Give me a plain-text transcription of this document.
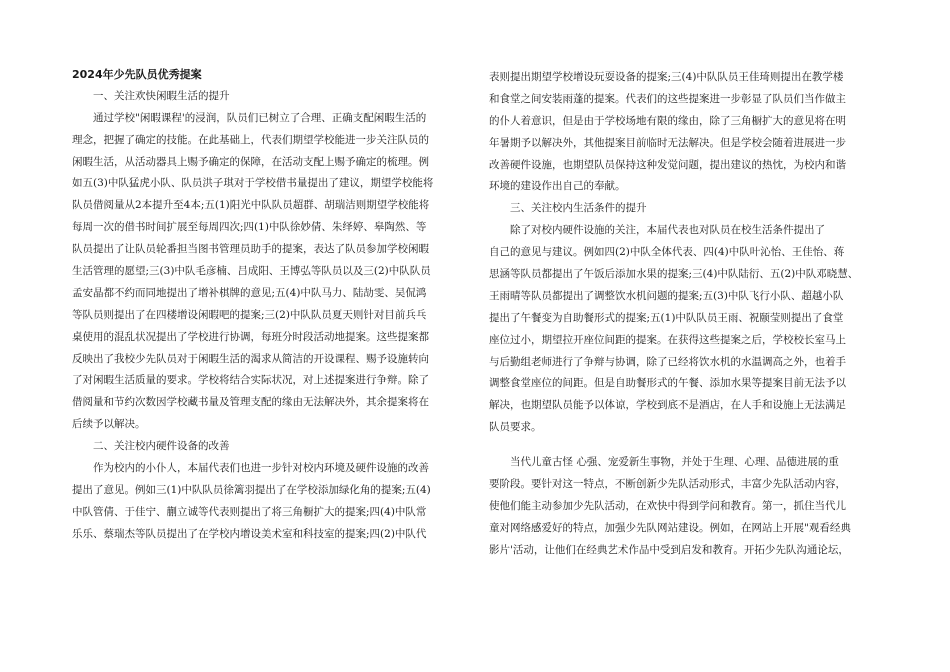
2024年少先队员优秀提案
一、关注欢快闲暇生活的提升
通过学校"闲暇课程'的浸润，队员们已树立了合理、正确支配闲暇生活的
理念，把握了确定的技能。在此基础上，代表们期望学校能进一步关注队员的
闲暇生活，从活动器具上赐予确定的保障，在活动支配上赐予确定的梳理。例
如五(3)中队猛虎小队、队员洪子琪对于学校借书量提出了建议，期望学校能将
队员借阅量从2本提升至4本;五(1)阳光中队队员超群、胡瑞洁则期望学校能将
每周一次的借书时间扩展至每周四次;四(1)中队徐妙倩、朱绎婷、皋陶然、等
队员提出了让队员轮番担当图书管理员助手的提案，表达了队员参加学校闲暇
生活管理的愿望;三(3)中队毛彦楠、吕成阳、王博弘等队员以及三(2)中队队员
孟安晶都不约而同地提出了增补棋牌的意见;五(4)中队马力、陆劼雯、吴侃鸿
等队员则提出了在四楼增设闲暇吧的提案;三(2)中队队员夏天则针对目前兵乓
桌使用的混乱状况提出了学校进行协调，每班分时段活动地提案。这些提案都
反映出了我校少先队员对于闲暇生活的渴求从简洁的开设课程、赐予设施转向
了对闲暇生活质量的要求。学校将结合实际状况，对上述提案进行争辩。除了
借阅量和节约次数因学校藏书量及管理支配的缘由无法解决外，其余提案将在
后续予以解决。
二、关注校内硬件设备的改善
作为校内的小仆人，本届代表们也进一步针对校内环境及硬件设施的改善
提出了意见。例如三(1)中队队员徐篱羽提出了在学校添加绿化角的提案;五(4)
中队管倩、于佳宁、蒯立诚等代表则提出了将三角橱扩大的提案;四(4)中队常
乐乐、蔡瑞杰等队员提出了在学校内增设美术室和科技室的提案;四(2)中队代
表则提出期望学校增设玩耍设备的提案;三(4)中队队员王佳琦则提出在教学楼
和食堂之间安装雨蓬的提案。代表们的这些提案进一步彰显了队员们当作做主
的仆人着意识，但是由于学校场地有限的缘由，除了三角橱扩大的意见将在明
年暑期予以解决外，其他提案目前临时无法解决。但是学校会随着进展进一步
改善硬件设施，也期望队员保持这种发觉问题，提出建议的热忱，为校内和谐
环境的建设作出自己的奉献。
三、关注校内生活条件的提升
除了对校内硬件设施的关注，本届代表也对队员在校生活条件提出了
自己的意见与建议。例如四(2)中队全体代表、四(4)中队叶沁怡、王佳怡、蒋
思涵等队员都提出了午饭后添加水果的提案;三(4)中队陆衍、五(2)中队邓晓慧、
王雨晴等队员都提出了调整饮水机问题的提案;五(3)中队飞行小队、超越小队
提出了午餐变为自助餐形式的提案;五(1)中队队员王雨、祝颐莹则提出了食堂
座位过小，期望拉开座位间距的提案。在获得这些提案之后，学校校长室马上
与后勤组老师进行了争辩与协调，除了已经将饮水机的水温调高之外，也着手
调整食堂座位的间距。但是自助餐形式的午餐、添加水果等提案目前无法予以
解决，也期望队员能予以体谅，学校到底不是酒店，在人手和设施上无法满足
队员要求。
当代儿童古怪 心强、宠爱新生事物，并处于生理、心理、品德进展的重
要阶段。要针对这一特点，不断创新少先队活动形式，丰富少先队活动内容，
使他们能主动参加少先队活动，在欢快中得到学问和教育。第一，抓住当代儿
童对网络感爱好的特点，加强少先队网站建设。例如，在网站上开展"观看经典
影片'活动，让他们在经典艺术作品中受到启发和教育。开拓少先队沟通论坛，
